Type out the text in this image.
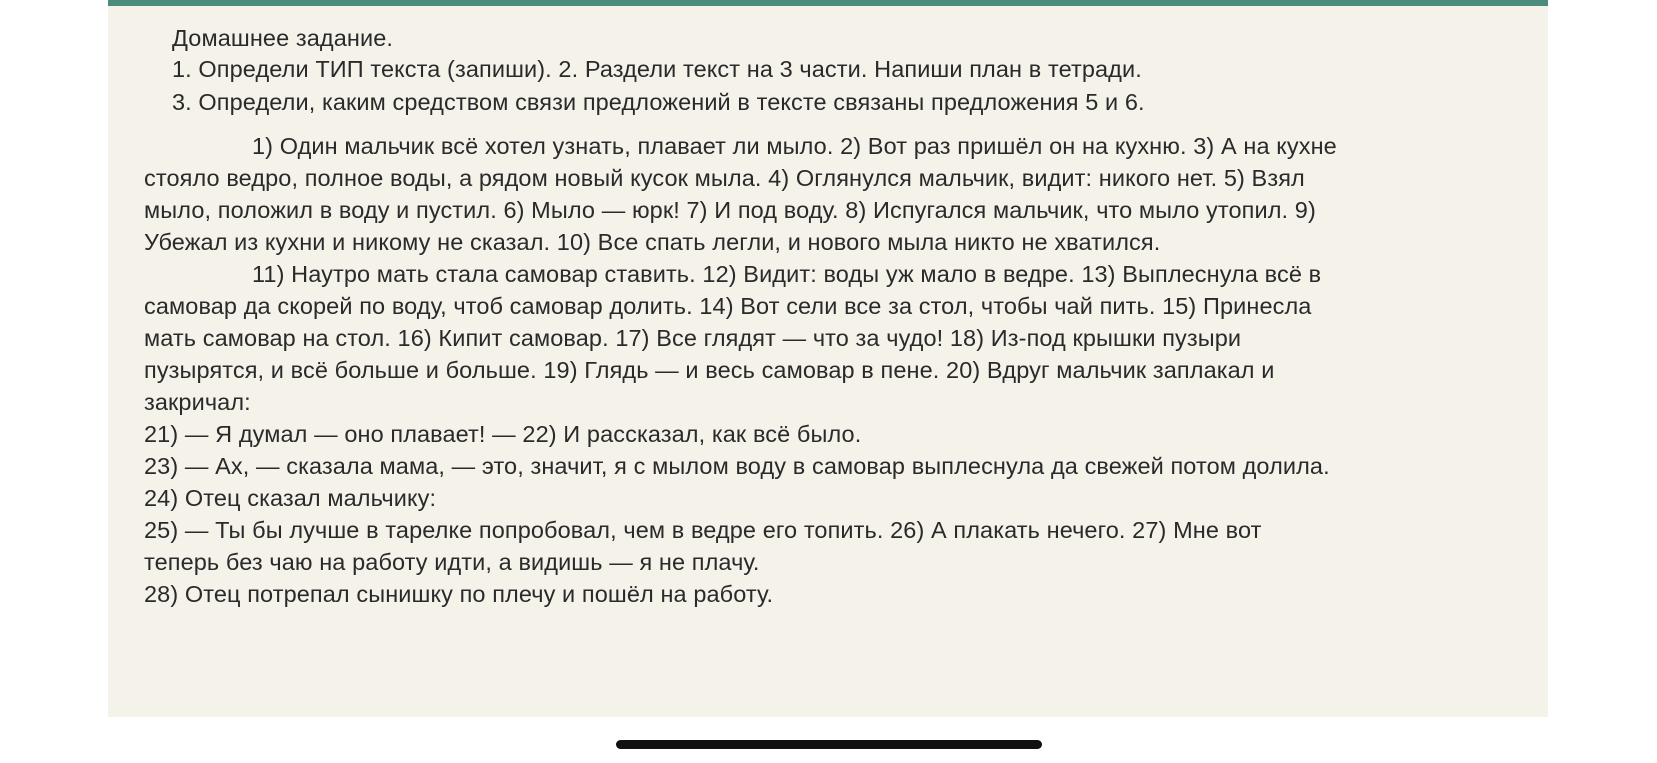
Домашнее задание.

1. Определи ТИП текста (запиши). 2. Раздели текст на 3 части. Напиши план в тетради.

3. Определи, каким средством связи предложений в тексте связаны предложения 5 и 6.

1) Один мальчик всё хотел узнать, плавает ли мыло. 2) Вот раз пришёл он на кухню. 3) А на кухне

стояло ведро, полное воды, а рядом новый кусок мыла. 4) Оглянулся мальчик, видит: никого нет. 5) Взял

мыло, положил в воду и пустил. 6) Мыло — юрк! 7) И под воду. 8) Испугался мальчик, что мыло утопил. 9)

Убежал из кухни и никому не сказал. 10) Все спать легли, и нового мыла никто не хватился.

11) Наутро мать стала самовар ставить. 12) Видит: воды уж мало в ведре. 13) Выплеснула всё в

самовар да скорей по воду, чтоб самовар долить. 14) Вот сели все за стол, чтобы чай пить. 15) Принесла

мать самовар на стол. 16) Кипит самовар. 17) Все глядят — что за чудо! 18) Из-под крышки пузыри

пузырятся, и всё больше и больше. 19) Глядь — и весь самовар в пене. 20) Вдруг мальчик заплакал и

закричал:

21) — Я думал — оно плавает! — 22) И рассказал, как всё было.

23) — Ах, — сказала мама, — это, значит, я с мылом воду в самовар выплеснула да свежей потом долила.

24) Отец сказал мальчику:

25) — Ты бы лучше в тарелке попробовал, чем в ведре его топить. 26) А плакать нечего. 27) Мне вот

теперь без чаю на работу идти, а видишь — я не плачу.

28) Отец потрепал сынишку по плечу и пошёл на работу.
